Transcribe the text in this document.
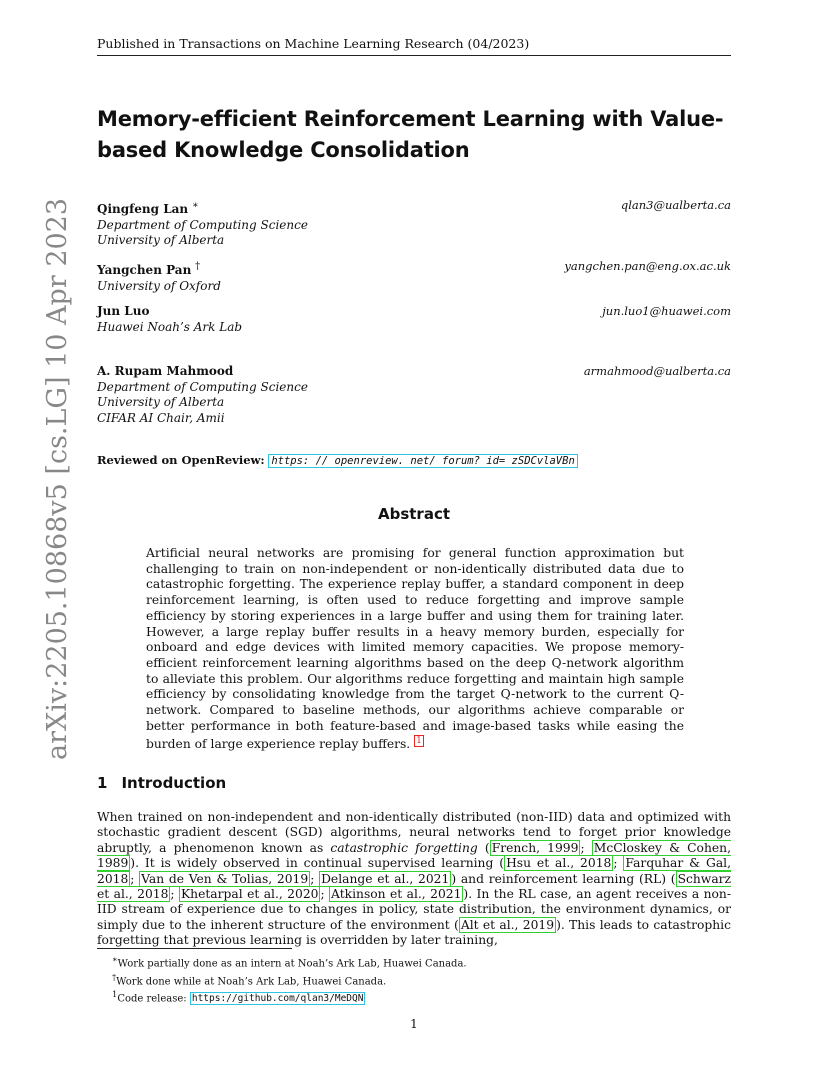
Published in Transactions on Machine Learning Research (04/2023)
Memory-efficient Reinforcement Learning with Value-based Knowledge Consolidation
Qingfeng Lan ∗	qlan3@ualberta.ca
Department of Computing Science
University of Alberta
Yangchen Pan †	yangchen.pan@eng.ox.ac.uk
University of Oxford
Jun Luo	jun.luo1@huawei.com
Huawei Noah’s Ark Lab
A. Rupam Mahmood	armahmood@ualberta.ca
Department of Computing Science
University of Alberta
CIFAR AI Chair, Amii
Reviewed on OpenReview: https: // openreview. net/ forum? id= zSDCvlaVBn
Abstract
Artificial neural networks are promising for general function approximation but challenging to train on non-independent or non-identically distributed data due to catastrophic forgetting. The experience replay buffer, a standard component in deep reinforcement learning, is often used to reduce forgetting and improve sample efficiency by storing experiences in a large buffer and using them for training later. However, a large replay buffer results in a heavy memory burden, especially for onboard and edge devices with limited memory capacities. We propose memory-efficient reinforcement learning algorithms based on the deep Q-network algorithm to alleviate this problem. Our algorithms reduce forgetting and maintain high sample efficiency by consolidating knowledge from the target Q-network to the current Q-network. Compared to baseline methods, our algorithms achieve comparable or better performance in both feature-based and image-based tasks while easing the burden of large experience replay buffers. $^1$
1 Introduction
When trained on non-independent and non-identically distributed (non-IID) data and optimized with stochastic gradient descent (SGD) algorithms, neural networks tend to forget prior knowledge abruptly, a phenomenon known as catastrophic forgetting ( French, 1999 ; McCloskey & Cohen, 1989 ). It is widely observed in continual supervised learning ( Hsu et al., 2018 ; Farquhar & Gal, 2018 ; Van de Ven & Tolias, 2019 ; Delange et al., 2021 ) and reinforcement learning (RL) ( Schwarz et al., 2018 ; Khetarpal et al., 2020 ; Atkinson et al., 2021 ). In the RL case, an agent receives a non-IID stream of experience due to changes in policy, state distribution, the environment dynamics, or simply due to the inherent structure of the environment ( Alt et al., 2019 ). This leads to catastrophic forgetting that previous learning is overridden by later training,
∗Work partially done as an intern at Noah’s Ark Lab, Huawei Canada.
†Work done while at Noah’s Ark Lab, Huawei Canada.
$^1$Code release: https://github.com/qlan3/MeDQN
1
arXiv:2205.10868v5 [cs.LG] 10 Apr 2023
